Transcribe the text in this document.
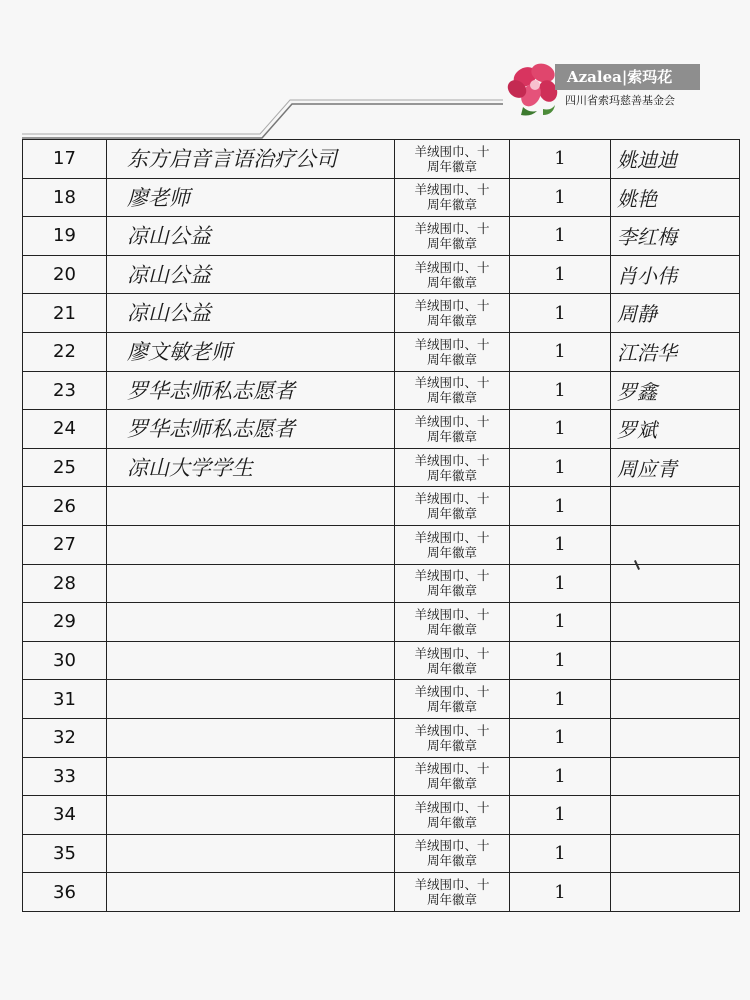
Azalea|索玛花
四川省索玛慈善基金会
17	东方启音言语治疗公司	羊绒围巾、十
周年徽章	1	姚迪迪

18	廖老师	羊绒围巾、十
周年徽章	1	姚艳

19	凉山公益	羊绒围巾、十
周年徽章	1	李红梅

20	凉山公益	羊绒围巾、十
周年徽章	1	肖小伟

21	凉山公益	羊绒围巾、十
周年徽章	1	周静

22	廖文敏老师	羊绒围巾、十
周年徽章	1	江浩华

23	罗华志师私志愿者	羊绒围巾、十
周年徽章	1	罗鑫

24	罗华志师私志愿者	羊绒围巾、十
周年徽章	1	罗斌

25	凉山大学学生	羊绒围巾、十
周年徽章	1	周应青

26		羊绒围巾、十
周年徽章	1	

27		羊绒围巾、十
周年徽章	1	

28		羊绒围巾、十
周年徽章	1	

29		羊绒围巾、十
周年徽章	1	

30		羊绒围巾、十
周年徽章	1	

31		羊绒围巾、十
周年徽章	1	

32		羊绒围巾、十
周年徽章	1	

33		羊绒围巾、十
周年徽章	1	

34		羊绒围巾、十
周年徽章	1	

35		羊绒围巾、十
周年徽章	1	

36		羊绒围巾、十
周年徽章	1	
